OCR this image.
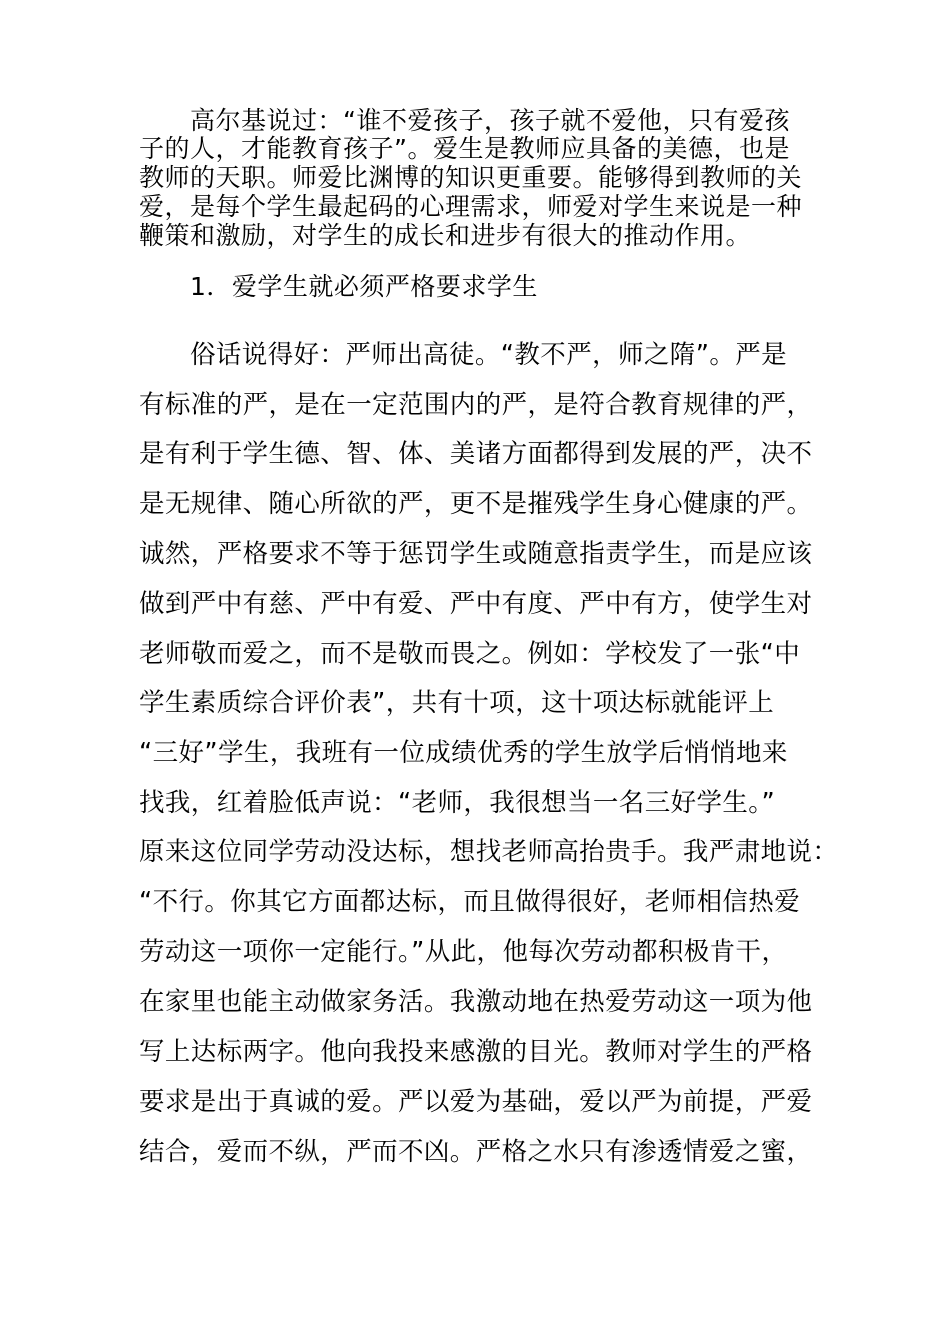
高尔基说过：“谁不爱孩子，孩子就不爱他，只有爱孩
子的人，才能教育孩子”。爱生是教师应具备的美德，也是
教师的天职。师爱比渊博的知识更重要。能够得到教师的关
爱，是每个学生最起码的心理需求，师爱对学生来说是一种
鞭策和激励，对学生的成长和进步有很大的推动作用。
1．爱学生就必须严格要求学生
俗话说得好：严师出高徒。“教不严，师之隋”。严是
有标准的严，是在一定范围内的严，是符合教育规律的严，
是有利于学生德、智、体、美诸方面都得到发展的严，决不
是无规律、随心所欲的严，更不是摧残学生身心健康的严。
诚然，严格要求不等于惩罚学生或随意指责学生，而是应该
做到严中有慈、严中有爱、严中有度、严中有方，使学生对
老师敬而爱之，而不是敬而畏之。例如：学校发了一张“中
学生素质综合评价表”，共有十项，这十项达标就能评上
“三好”学生，我班有一位成绩优秀的学生放学后悄悄地来
找我，红着脸低声说：“老师，我很想当一名三好学生。”
原来这位同学劳动没达标，想找老师高抬贵手。我严肃地说：
“不行。你其它方面都达标，而且做得很好，老师相信热爱
劳动这一项你一定能行。”从此，他每次劳动都积极肯干，
在家里也能主动做家务活。我激动地在热爱劳动这一项为他
写上达标两字。他向我投来感激的目光。教师对学生的严格
要求是出于真诚的爱。严以爱为基础，爱以严为前提，严爱
结合，爱而不纵，严而不凶。严格之水只有渗透情爱之蜜，
